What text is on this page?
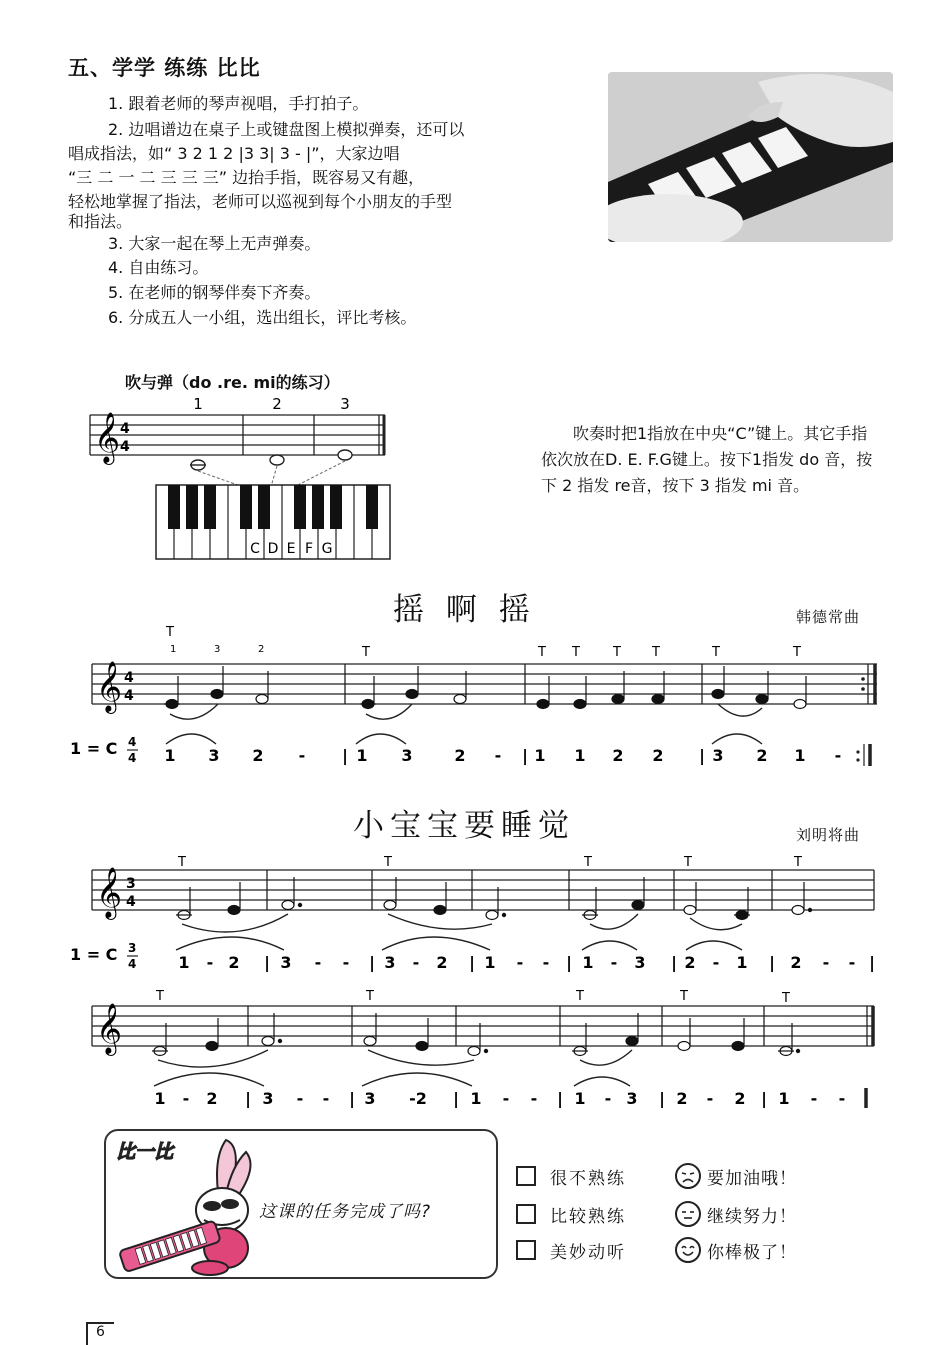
五、学学 练练 比比
1. 跟着老师的琴声视唱，手打拍子。
2. 边唱谱边在桌子上或键盘图上模拟弹奏，还可以
唱成指法，如“ 3 2 1 2 |3 3| 3 - |”，大家边唱
“三 二 一 二 三 三 三” 边抬手指，既容易又有趣，
轻松地掌握了指法，老师可以巡视到每个小朋友的手型
和指法。
3. 大家一起在琴上无声弹奏。
4. 自由练习。
5. 在老师的钢琴伴奏下齐奏。
6. 分成五人一小组，选出组长，评比考核。
吹与弹（do .re. mi的练习）
𝄞 4
4
1	2	3
C D E F G
吹奏时把1指放在中央“C”键上。其它手指依次放在D. E. F.G键上。按下1指发 do 音，按下 2 指发 re音，按下 3 指发 mi 音。
摇 啊 摇	韩德常曲
𝄞 4
4
T
T	T T	T T	T	T
1	3	2
1 = C 4
4 1 3 2 - | 1 3	2 - | 1 1 2 2 | 3 2 1 -
小宝宝要睡觉	刘明将曲
𝄞 3
4
T	T	T	T	T
1 = C 3
4	1 - 2 | 3 - - | 3 - 2 | 1 - - | 1 - 3 | 2 - 1 | 2 - - |
𝄞
T	T	T	T	T
1 - 2 | 3 - - | 3 -2 | 1 - - | 1 - 3 | 2 - 2 | 1 - -
比一比
这课的任务完成了吗?
很不熟练	要加油哦！
比较熟练	继续努力！
美妙动听	你棒极了！
6
